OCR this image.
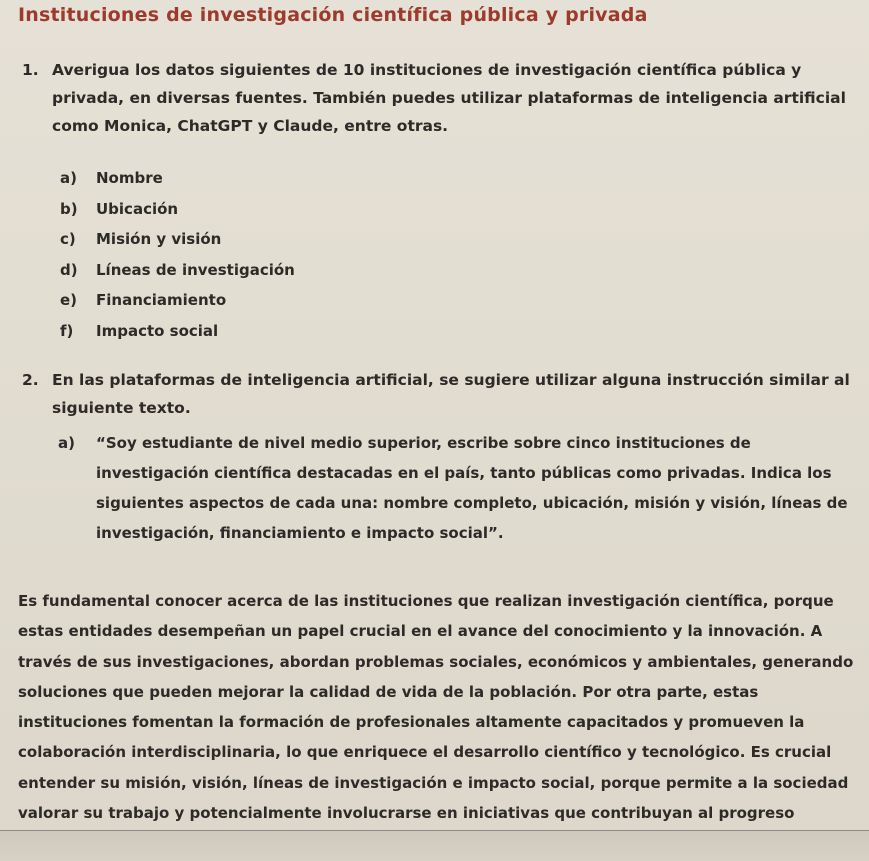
Instituciones de investigación científica pública y privada
1. Averigua los datos siguientes de 10 instituciones de investigación científica pública y privada, en diversas fuentes. También puedes utilizar plataformas de inteligencia artificial como Monica, ChatGPT y Claude, entre otras.
a) Nombre
b) Ubicación
c) Misión y visión
d) Líneas de investigación
e) Financiamiento
f) Impacto social
2. En las plataformas de inteligencia artificial, se sugiere utilizar alguna instrucción similar al siguiente texto.
a) “Soy estudiante de nivel medio superior, escribe sobre cinco instituciones de investigación científica destacadas en el país, tanto públicas como privadas. Indica los siguientes aspectos de cada una: nombre completo, ubicación, misión y visión, líneas de investigación, financiamiento e impacto social”.
Es fundamental conocer acerca de las instituciones que realizan investigación científica, porque estas entidades desempeñan un papel crucial en el avance del conocimiento y la innovación. A través de sus investigaciones, abordan problemas sociales, económicos y ambientales, generando soluciones que pueden mejorar la calidad de vida de la población. Por otra parte, estas instituciones fomentan la formación de profesionales altamente capacitados y promueven la colaboración interdisciplinaria, lo que enriquece el desarrollo científico y tecnológico. Es crucial entender su misión, visión, líneas de investigación e impacto social, porque permite a la sociedad valorar su trabajo y potencialmente involucrarse en iniciativas que contribuyan al progreso
